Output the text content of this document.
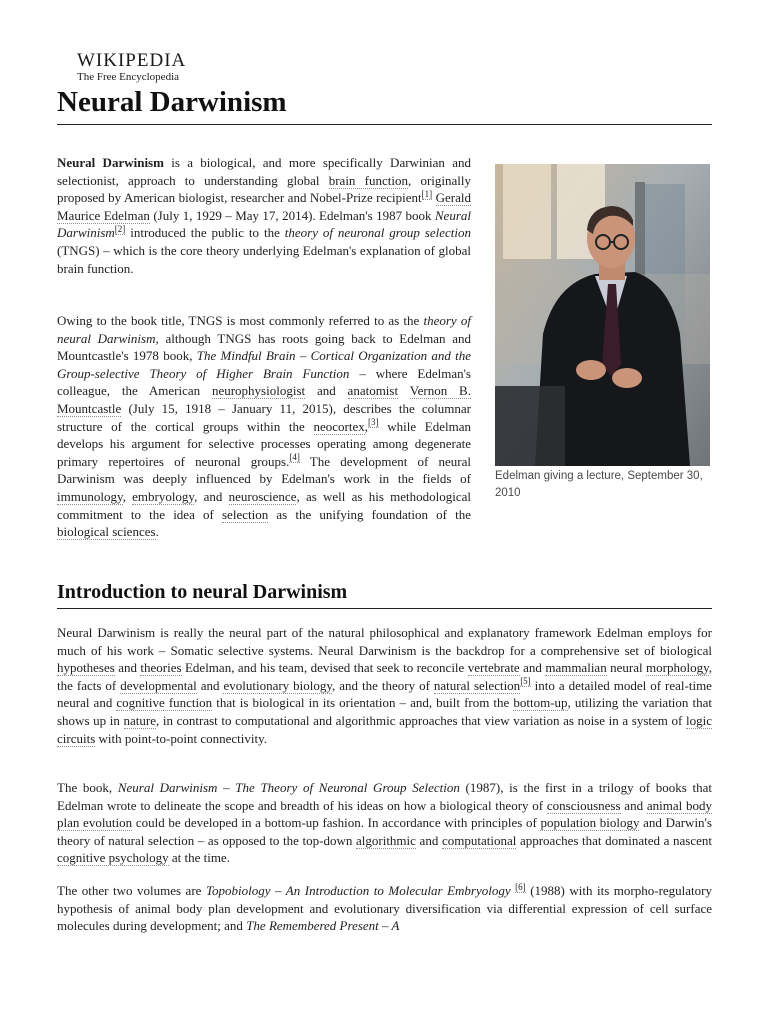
WIKIPEDIA
The Free Encyclopedia
Neural Darwinism

Neural Darwinism is a biological, and more specifically Darwinian and selectionist, approach to understanding global brain function, originally proposed by American biologist, researcher and Nobel-Prize recipient[1] Gerald Maurice Edelman (July 1, 1929 – May 17, 2014). Edelman's 1987 book Neural Darwinism[2] introduced the public to the theory of neuronal group selection (TNGS) – which is the core theory underlying Edelman's explanation of global brain function.

Owing to the book title, TNGS is most commonly referred to as the theory of neural Darwinism, although TNGS has roots going back to Edelman and Mountcastle's 1978 book, The Mindful Brain – Cortical Organization and the Group-selective Theory of Higher Brain Function – where Edelman's colleague, the American neurophysiologist and anatomist Vernon B. Mountcastle (July 15, 1918 – January 11, 2015), describes the columnar structure of the cortical groups within the neocortex,[3] while Edelman develops his argument for selective processes operating among degenerate primary repertoires of neuronal groups.[4] The development of neural Darwinism was deeply influenced by Edelman's work in the fields of immunology, embryology, and neuroscience, as well as his methodological commitment to the idea of selection as the unifying foundation of the biological sciences.

Edelman giving a lecture, September 30, 2010
Introduction to neural Darwinism

Neural Darwinism is really the neural part of the natural philosophical and explanatory framework Edelman employs for much of his work – Somatic selective systems. Neural Darwinism is the backdrop for a comprehensive set of biological hypotheses and theories Edelman, and his team, devised that seek to reconcile vertebrate and mammalian neural morphology, the facts of developmental and evolutionary biology, and the theory of natural selection[5] into a detailed model of real-time neural and cognitive function that is biological in its orientation – and, built from the bottom-up, utilizing the variation that shows up in nature, in contrast to computational and algorithmic approaches that view variation as noise in a system of logic circuits with point-to-point connectivity.

The book, Neural Darwinism – The Theory of Neuronal Group Selection (1987), is the first in a trilogy of books that Edelman wrote to delineate the scope and breadth of his ideas on how a biological theory of consciousness and animal body plan evolution could be developed in a bottom-up fashion. In accordance with principles of population biology and Darwin's theory of natural selection – as opposed to the top-down algorithmic and computational approaches that dominated a nascent cognitive psychology at the time.

The other two volumes are Topobiology – An Introduction to Molecular Embryology [6] (1988) with its morpho-regulatory hypothesis of animal body plan development and evolutionary diversification via differential expression of cell surface molecules during development; and The Remembered Present – A
